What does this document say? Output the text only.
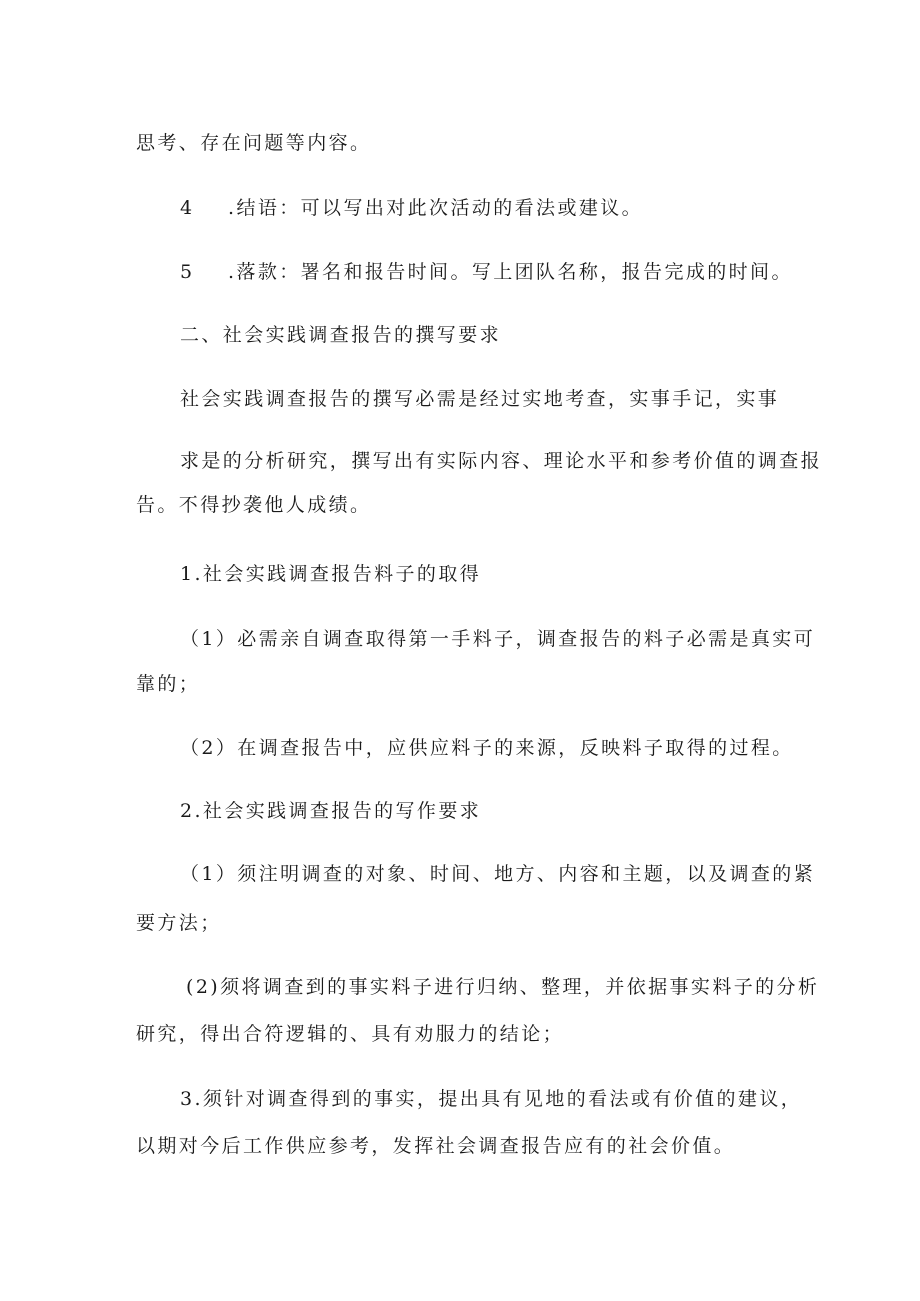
思考、存在问题等内容。
4 .结语：可以写出对此次活动的看法或建议。
5 .落款：署名和报告时间。写上团队名称，报告完成的时间。
二、社会实践调查报告的撰写要求
社会实践调查报告的撰写必需是经过实地考查，实事手记，实事
求是的分析研究，撰写出有实际内容、理论水平和参考价值的调查报
告。不得抄袭他人成绩。
1.社会实践调查报告料子的取得
（1）必需亲自调查取得第一手料子，调查报告的料子必需是真实可
靠的；
（2）在调查报告中，应供应料子的来源，反映料子取得的过程。
2.社会实践调查报告的写作要求
（1）须注明调查的对象、时间、地方、内容和主题，以及调查的紧
要方法；
(2)须将调查到的事实料子进行归纳、整理，并依据事实料子的分析
研究，得出合符逻辑的、具有劝服力的结论；
3.须针对调查得到的事实，提出具有见地的看法或有价值的建议，
以期对今后工作供应参考，发挥社会调查报告应有的社会价值。
